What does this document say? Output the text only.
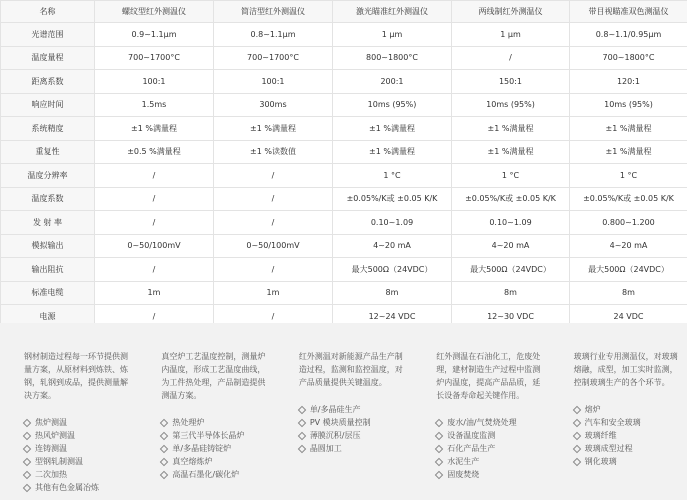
名称	螺纹型红外测温仪	简洁型红外测温仪	激光瞄准红外测温仪	两线制红外测温仪	带目视瞄准双色测温仪
光谱范围	0.9~1.1μm	0.8~1.1μm	1 μm	1 μm	0.8~1.1/0.95μm
温度量程	700~1700°C	700~1700°C	800~1800°C	/	700~1800°C
距离系数	100:1	100:1	200:1	150:1	120:1
响应时间	1.5ms	300ms	10ms (95%)	10ms (95%)	10ms (95%)
系统精度	±1 %满量程	±1 %满量程	±1 %满量程	±1 %满量程	±1 %满量程
重复性	±0.5 %满量程	±1 %读数值	±1 %满量程	±1 %满量程	±1 %满量程
温度分辨率	/	/	1 °C	1 °C	1 °C
温度系数	/	/	±0.05%/K或 ±0.05 K/K	±0.05%/K或 ±0.05 K/K	±0.05%/K或 ±0.05 K/K
发 射 率	/	/	0.10~1.09	0.10~1.09	0.800~1.200
模拟输出	0~50/100mV	0~50/100mV	4~20 mA	4~20 mA	4~20 mA
输出阻抗	/	/	最大500Ω（24VDC）	最大500Ω（24VDC）	最大500Ω（24VDC）
标准电缆	1m	1m	8m	8m	8m
电源	/	/	12~24 VDC	12~30 VDC	24 VDC

钢材制造过程每一环节提供测量方案，从原材料到炼铁、炼钢，轧钢到成品，提供测量解决方案。

焦炉测温
热风炉测温
连铸测温
型钢轧制测温
二次加热
其他有色金属冶炼

真空炉工艺温度控制，测量炉内温度，形成工艺温度曲线，为工件热处理，产品制造提供测温方案。

热处理炉
第三代半导体长晶炉
单/多晶硅铸锭炉
真空熔炼炉
高温石墨化/碳化炉

红外测温对新能源产品生产制造过程，监测和监控温度，对产品质量提供关键温度。

单/多晶硅生产
PV 模块质量控制
薄膜沉积/层压
晶圆加工

红外测温在石油化工，危废处理，建材制造生产过程中监测炉内温度，提高产品品质，延长设备寿命起关键作用。

废水/油/气焚烧处理
设备温度监测
石化产品生产
水泥生产
固废焚烧

玻璃行业专用测温仪，对玻璃熔融，成型，加工实时监测，控制玻璃生产的各个环节。

熔炉
汽车和安全玻璃
玻璃纤维
玻璃成型过程
钢化玻璃
